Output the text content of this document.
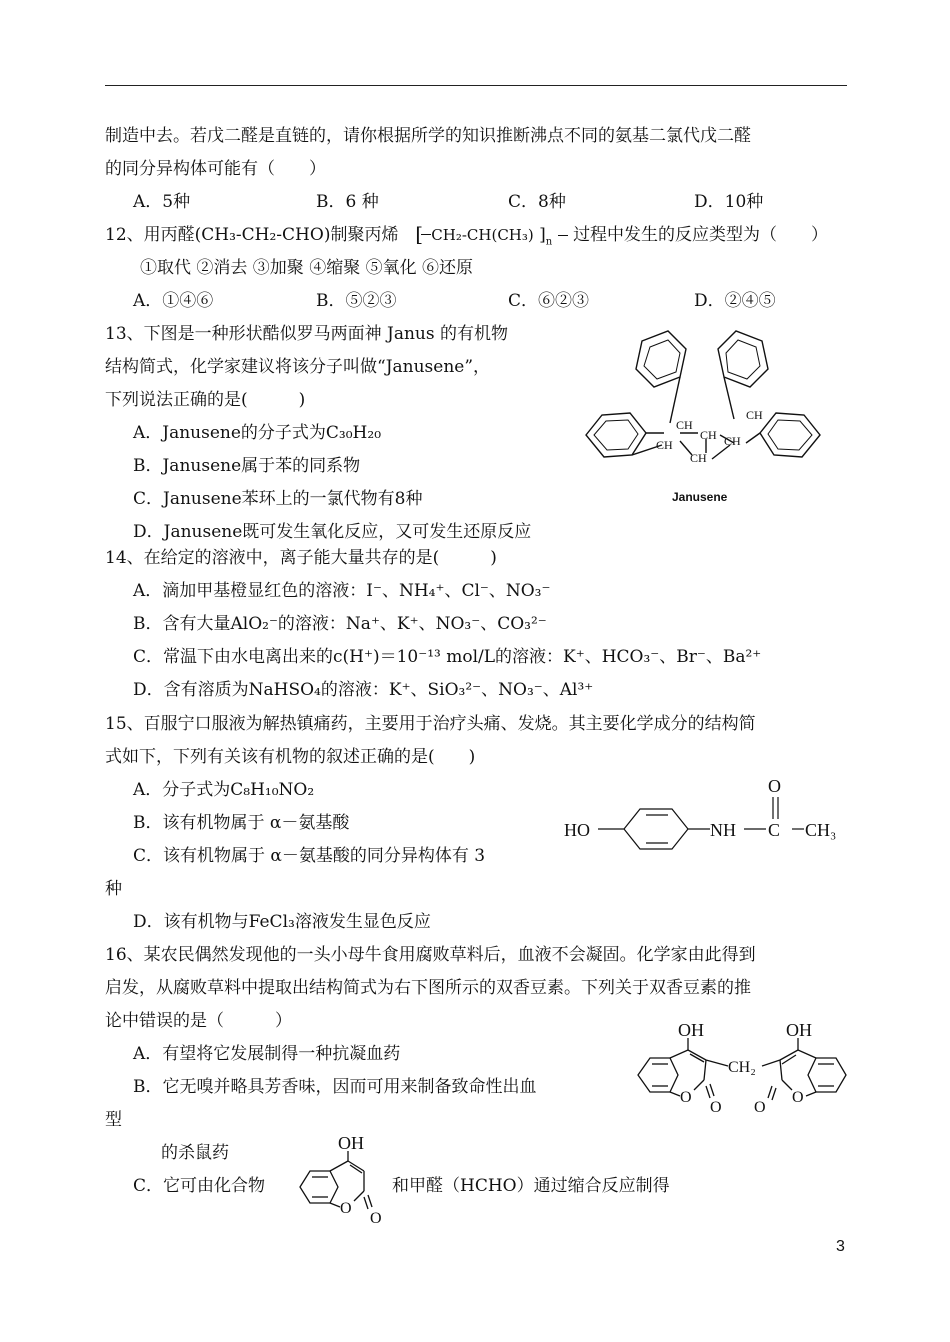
制造中去。若戊二醛是直链的，请你根据所学的知识推断沸点不同的氨基二氯代戊二醛
的同分异构体可能有（　　）
A．5种	B．6 种	C．8种	D．10种
12、用丙醛(CH₃-CH₂-CHO)制聚丙烯 [ CH₂-CH(CH₃) ]$_n$ 过程中发生的反应类型为（　　）
①取代 ②消去 ③加聚 ④缩聚 ⑤氧化 ⑥还原
A．①④⑥	B．⑤②③	C．⑥②③	D．②④⑤
13、下图是一种形状酷似罗马两面神 Janus 的有机物
结构简式，化学家建议将该分子叫做“Janusene”，
下列说法正确的是(　　　)
A．Janusene的分子式为C₃₀H₂₀
B．Janusene属于苯的同系物
C．Janusene苯环上的一氯代物有8种
D．Janusene既可发生氧化反应，又可发生还原反应
CH
CH
CH
CH	CH
CH
Janusene
14、在给定的溶液中，离子能大量共存的是(　　　)
A．滴加甲基橙显红色的溶液：I⁻、NH₄⁺、Cl⁻、NO₃⁻
B．含有大量AlO₂⁻的溶液：Na⁺、K⁺、NO₃⁻、CO₃²⁻
C．常温下由水电离出来的c(H⁺)＝10⁻¹³ mol/L的溶液：K⁺、HCO₃⁻、Br⁻、Ba²⁺
D．含有溶质为NaHSO₄的溶液：K⁺、SiO₃²⁻、NO₃⁻、Al³⁺
15、百服宁口服液为解热镇痛药，主要用于治疗头痛、发烧。其主要化学成分的结构简
式如下，下列有关该有机物的叙述正确的是(　　)
A．分子式为C₈H₁₀NO₂
B．该有机物属于 α－氨基酸
C．该有机物属于 α－氨基酸的同分异构体有 3
种
D．该有机物与FeCl₃溶液发生显色反应
HO	NH C CH₃
O
16、某农民偶然发现他的一头小母牛食用腐败草料后，血液不会凝固。化学家由此得到
启发，从腐败草料中提取出结构简式为右下图所示的双香豆素。下列关于双香豆素的推
论中错误的是（　　　）
A．有望将它发展制得一种抗凝血药
B．它无嗅并略具芳香味，因而可用来制备致命性出血
型
的杀鼠药
C．它可由化合物	和甲醛（HCHO）通过缩合反应制得
OH	OH
CH₂
O
O
O
O
OH
O
O
3
